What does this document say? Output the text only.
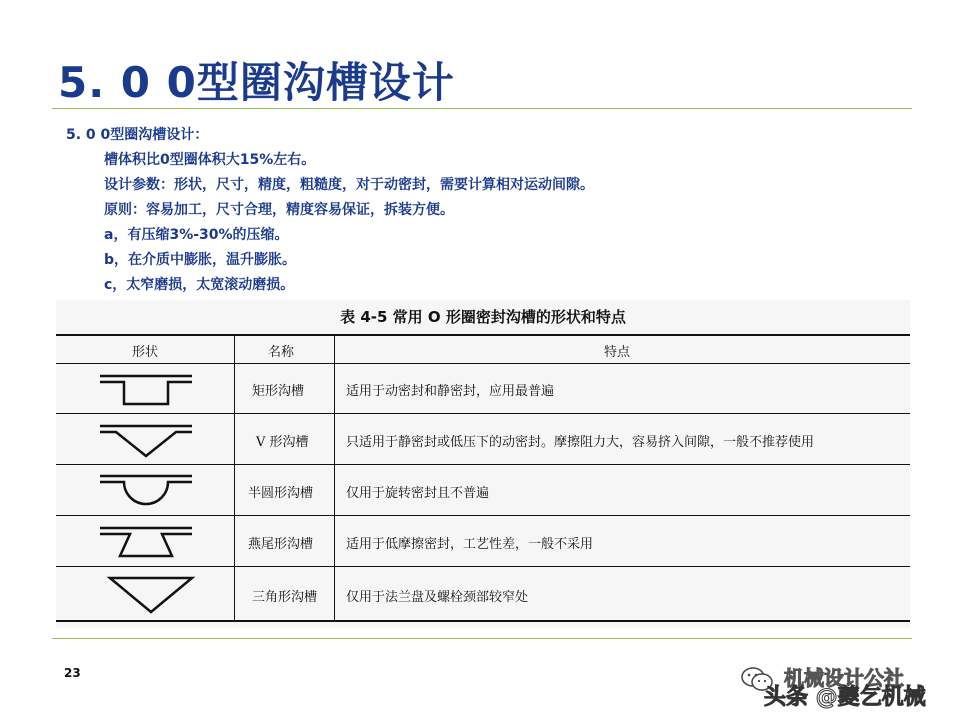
5. 0 0型圈沟槽设计
5. 0 0型圈沟槽设计：
槽体积比0型圈体积大15%左右。
设计参数：形状，尺寸，精度，粗糙度，对于动密封，需要计算相对运动间隙。
原则：容易加工，尺寸合理，精度容易保证，拆装方便。
a，有压缩3%-30%的压缩。
b，在介质中膨胀，温升膨胀。
c，太窄磨损，太宽滚动磨损。
表 4-5 常用 O 形圈密封沟槽的形状和特点
形状	名称	特点
矩形沟槽	适用于动密封和静密封，应用最普遍
V 形沟槽	只适用于静密封或低压下的动密封。摩擦阻力大，容易挤入间隙，一般不推荐使用
半圆形沟槽	仅用于旋转密封且不普遍
燕尾形沟槽	适用于低摩擦密封，工艺性差，一般不采用
三角形沟槽 仅用于法兰盘及螺栓颈部较窄处
23	机械设计公社
头条 @夔乞机械
